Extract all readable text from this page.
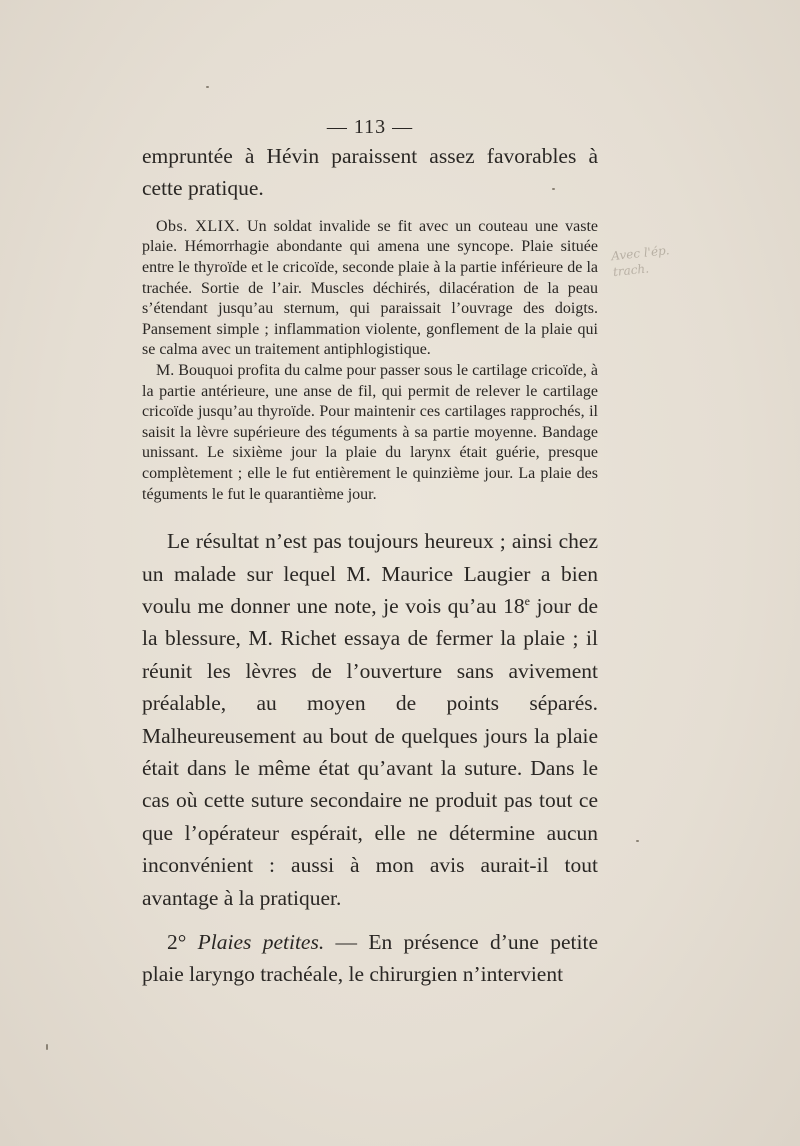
— 113 —

empruntée à Hévin paraissent assez favorables à cette pratique.

Obs. XLIX. Un soldat invalide se fit avec un couteau une vaste plaie. Hémorrhagie abondante qui amena une syncope. Plaie située entre le thyroïde et le cricoïde, seconde plaie à la partie inférieure de la trachée. Sortie de l’air. Muscles déchirés, dilacération de la peau s’étendant jusqu’au sternum, qui paraissait l’ouvrage des doigts. Pansement simple ; inflammation violente, gonflement de la plaie qui se calma avec un traitement antiphlogistique.

M. Bouquoi profita du calme pour passer sous le cartilage cricoïde, à la partie antérieure, une anse de fil, qui permit de relever le cartilage cricoïde jusqu’au thyroïde. Pour maintenir ces cartilages rapprochés, il saisit la lèvre supérieure des téguments à sa partie moyenne. Bandage unissant. Le sixième jour la plaie du larynx était guérie, presque complètement ; elle le fut entièrement le quinzième jour. La plaie des téguments le fut le quarantième jour.

Le résultat n’est pas toujours heureux ; ainsi chez un malade sur lequel M. Maurice Laugier a bien voulu me donner une note, je vois qu’au 18e jour de la blessure, M. Richet essaya de fermer la plaie ; il réunit les lèvres de l’ouverture sans avivement préalable, au moyen de points séparés. Malheureusement au bout de quelques jours la plaie était dans le même état qu’avant la suture. Dans le cas où cette suture secondaire ne produit pas tout ce que l’opérateur espérait, elle ne détermine aucun inconvénient : aussi à mon avis aurait-il tout avantage à la pratiquer.

2° Plaies petites. — En présence d’une petite plaie laryngo trachéale, le chirurgien n’intervient

Avec l'ép.
trach.
